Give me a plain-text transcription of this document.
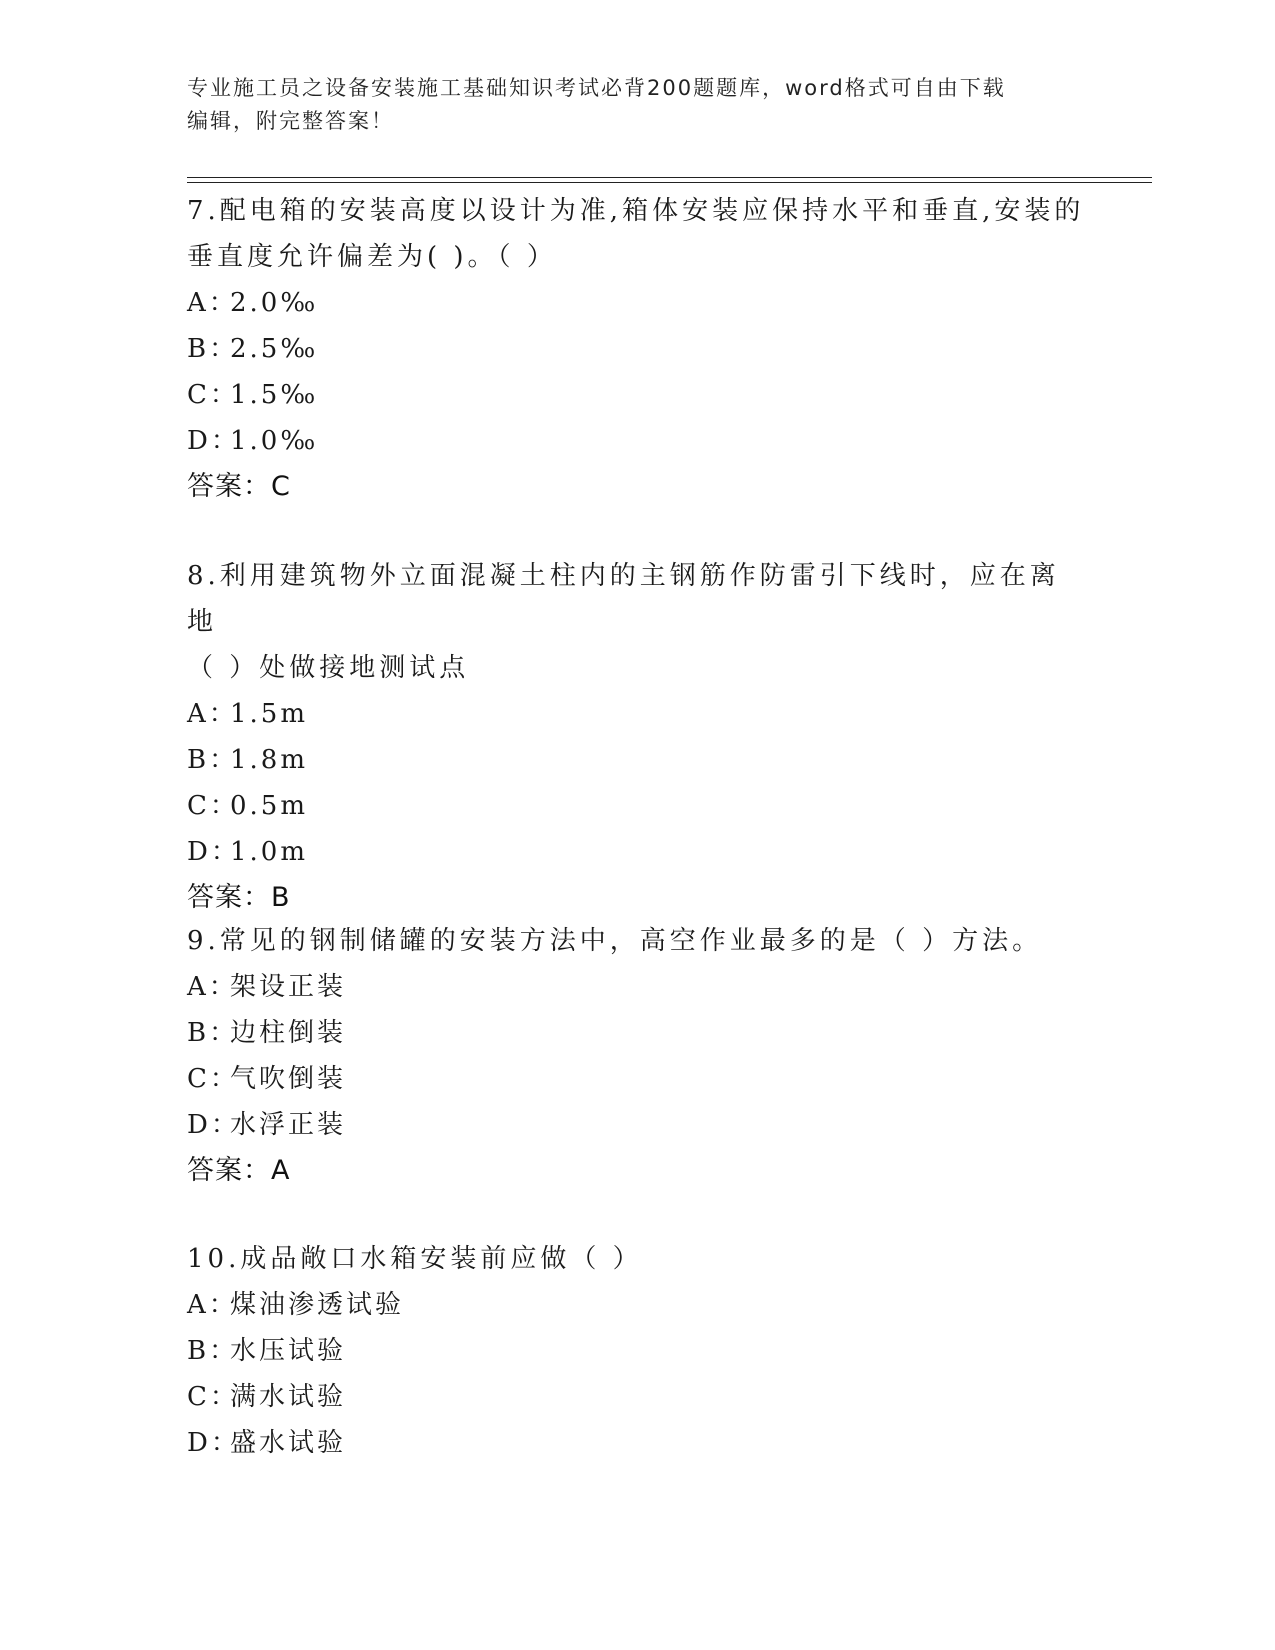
专业施工员之设备安装施工基础知识考试必背200题题库，word格式可自由下载
编辑，附完整答案！

7.配电箱的安装高度以设计为准,箱体安装应保持水平和垂直,安装的

垂直度允许偏差为( )。（ ）

A：
2.0‰

B：
2.5‰

C：
1.5‰

D：
1.0‰

答案：C

8.利用建筑物外立面混凝土柱内的主钢筋作防雷引下线时，应在离地

（ ）处做接地测试点

A：
1.5m

B：
1.8m

C：
0.5m

D：
1.0m

答案：B

9.常见的钢制储罐的安装方法中，高空作业最多的是（ ）方法。

A：
架设正装

B：
边柱倒装

C：
气吹倒装

D：
水浮正装

答案：A

10.成品敞口水箱安装前应做（ ）

A：
煤油渗透试验

B：
水压试验

C：
满水试验

D：
盛水试验
